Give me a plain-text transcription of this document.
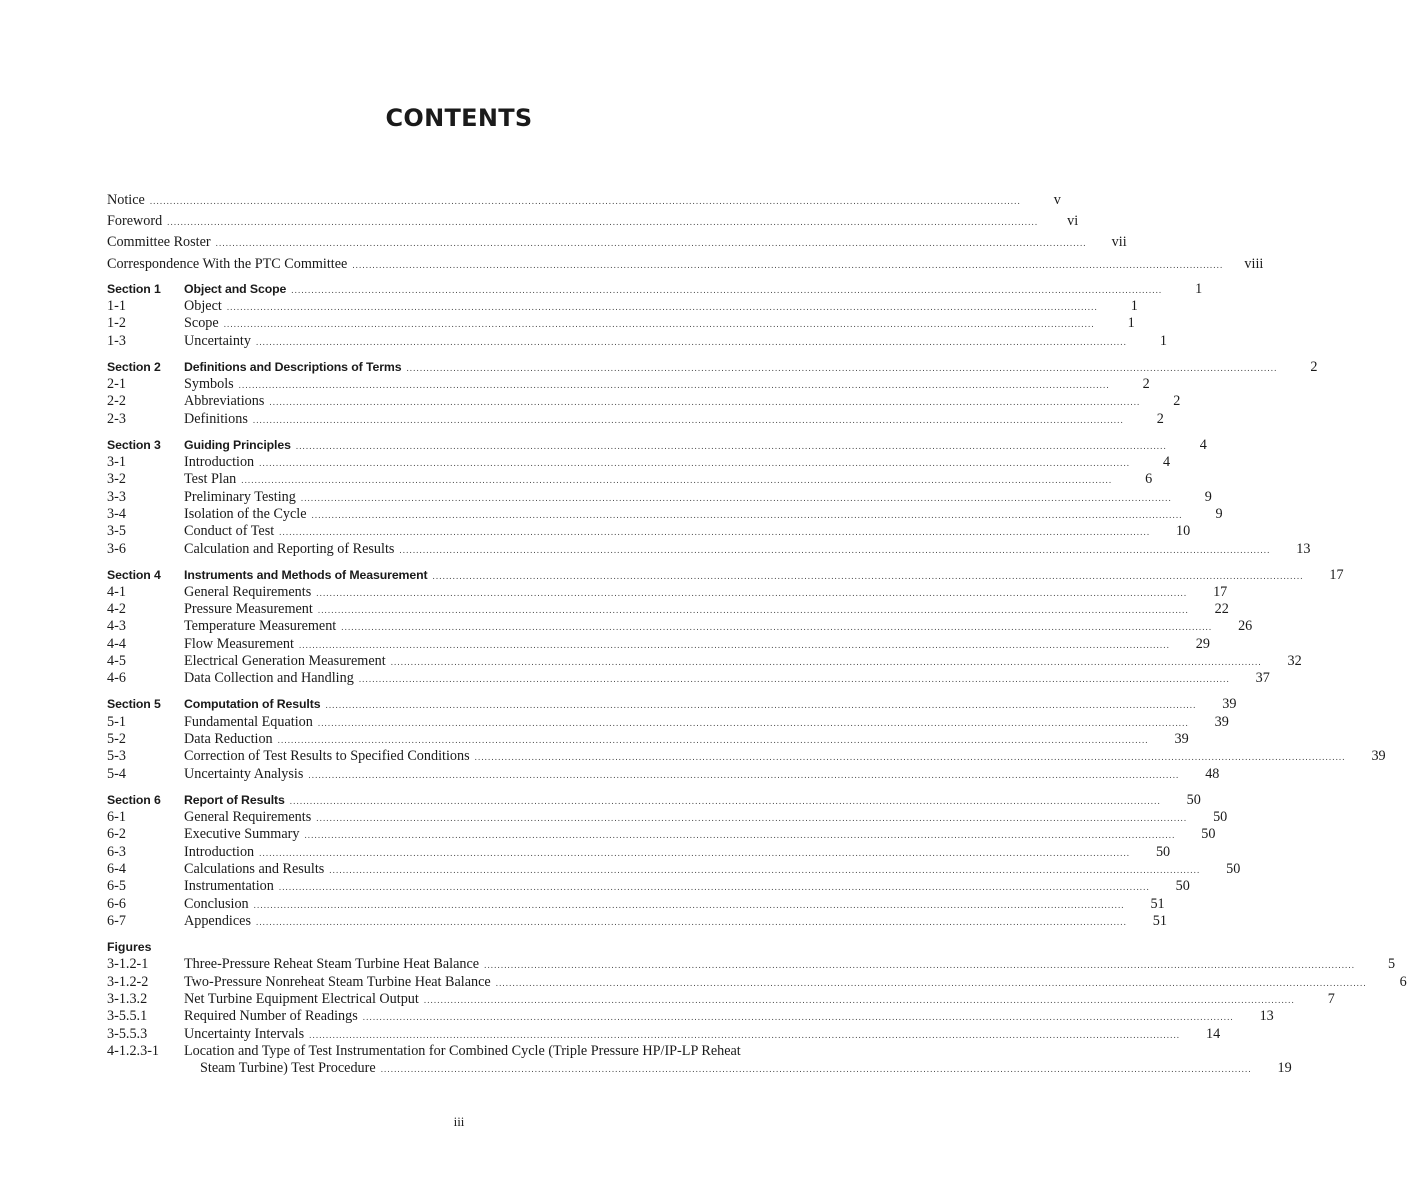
CONTENTS
Notice ....................................................................................................................................................................................................................................................................	v
Foreword ....................................................................................................................................................................................................................................................................	vi
Committee Roster ....................................................................................................................................................................................................................................................................	vii
Correspondence With the PTC Committee ....................................................................................................................................................................................................................................................................	viii
Section 1	Object and Scope ....................................................................................................................................................................................................................................................................	1
1-1	Object ....................................................................................................................................................................................................................................................................	1
1-2	Scope ....................................................................................................................................................................................................................................................................	1
1-3	Uncertainty ....................................................................................................................................................................................................................................................................	1
Section 2	Definitions and Descriptions of Terms ....................................................................................................................................................................................................................................................................	2
2-1	Symbols ....................................................................................................................................................................................................................................................................	2
2-2	Abbreviations ....................................................................................................................................................................................................................................................................	2
2-3	Definitions ....................................................................................................................................................................................................................................................................	2
Section 3	Guiding Principles ....................................................................................................................................................................................................................................................................	4
3-1	Introduction ....................................................................................................................................................................................................................................................................	4
3-2	Test Plan ....................................................................................................................................................................................................................................................................	6
3-3	Preliminary Testing ....................................................................................................................................................................................................................................................................	9
3-4	Isolation of the Cycle ....................................................................................................................................................................................................................................................................	9
3-5	Conduct of Test ....................................................................................................................................................................................................................................................................	10
3-6	Calculation and Reporting of Results ....................................................................................................................................................................................................................................................................	13
Section 4	Instruments and Methods of Measurement ....................................................................................................................................................................................................................................................................	17
4-1	General Requirements ....................................................................................................................................................................................................................................................................	17
4-2	Pressure Measurement ....................................................................................................................................................................................................................................................................	22
4-3	Temperature Measurement ....................................................................................................................................................................................................................................................................	26
4-4	Flow Measurement ....................................................................................................................................................................................................................................................................	29
4-5	Electrical Generation Measurement ....................................................................................................................................................................................................................................................................	32
4-6	Data Collection and Handling ....................................................................................................................................................................................................................................................................	37
Section 5	Computation of Results ....................................................................................................................................................................................................................................................................	39
5-1	Fundamental Equation ....................................................................................................................................................................................................................................................................	39
5-2	Data Reduction ....................................................................................................................................................................................................................................................................	39
5-3	Correction of Test Results to Specified Conditions ....................................................................................................................................................................................................................................................................	39
5-4	Uncertainty Analysis ....................................................................................................................................................................................................................................................................	48
Section 6	Report of Results ....................................................................................................................................................................................................................................................................	50
6-1	General Requirements ....................................................................................................................................................................................................................................................................	50
6-2	Executive Summary ....................................................................................................................................................................................................................................................................	50
6-3	Introduction ....................................................................................................................................................................................................................................................................	50
6-4	Calculations and Results ....................................................................................................................................................................................................................................................................	50
6-5	Instrumentation ....................................................................................................................................................................................................................................................................	50
6-6	Conclusion ....................................................................................................................................................................................................................................................................	51
6-7	Appendices ....................................................................................................................................................................................................................................................................	51
Figures
3-1.2-1	Three-Pressure Reheat Steam Turbine Heat Balance ....................................................................................................................................................................................................................................................................	5
3-1.2-2	Two-Pressure Nonreheat Steam Turbine Heat Balance ....................................................................................................................................................................................................................................................................	6
3-1.3.2	Net Turbine Equipment Electrical Output ....................................................................................................................................................................................................................................................................	7
3-5.5.1	Required Number of Readings ....................................................................................................................................................................................................................................................................	13
3-5.5.3	Uncertainty Intervals ....................................................................................................................................................................................................................................................................	14
4-1.2.3-1	Location and Type of Test Instrumentation for Combined Cycle (Triple Pressure HP/IP-LP Reheat
Steam Turbine) Test Procedure ....................................................................................................................................................................................................................................................................	19
iii
